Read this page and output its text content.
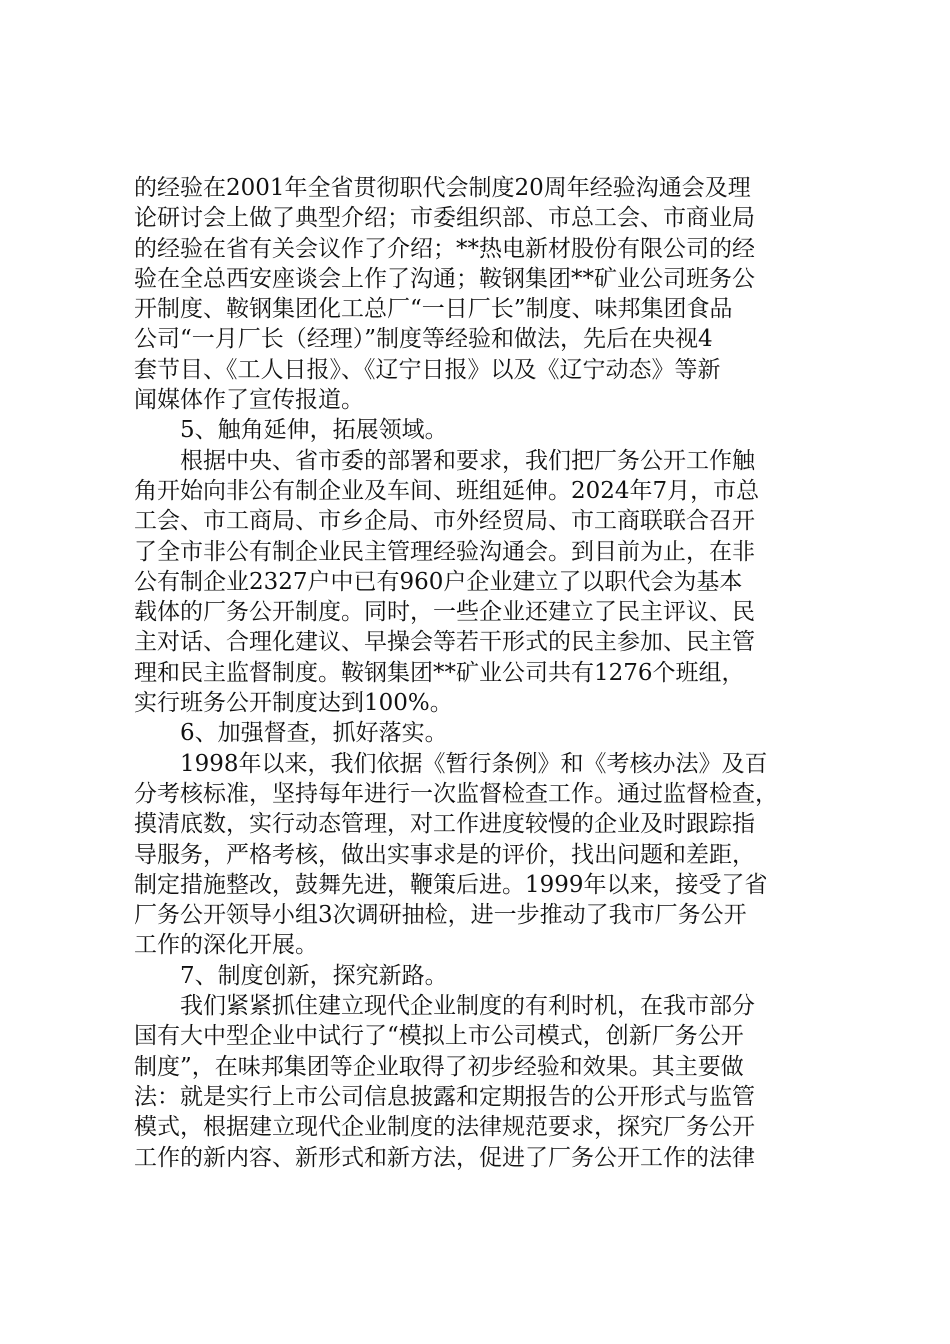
的经验在2001年全省贯彻职代会制度20周年经验沟通会及理
论研讨会上做了典型介绍；市委组织部、市总工会、市商业局
的经验在省有关会议作了介绍；**热电新材股份有限公司的经
验在全总西安座谈会上作了沟通；鞍钢集团**矿业公司班务公
开制度、鞍钢集团化工总厂“一日厂长”制度、味邦集团食品
公司“一月厂长（经理）”制度等经验和做法，先后在央视4
套节目、《工人日报》、《辽宁日报》以及《辽宁动态》等新
闻媒体作了宣传报道。

5、触角延伸，拓展领域。

根据中央、省市委的部署和要求，我们把厂务公开工作触
角开始向非公有制企业及车间、班组延伸。2024年7月，市总
工会、市工商局、市乡企局、市外经贸局、市工商联联合召开
了全市非公有制企业民主管理经验沟通会。到目前为止，在非
公有制企业2327户中已有960户企业建立了以职代会为基本
载体的厂务公开制度。同时，一些企业还建立了民主评议、民
主对话、合理化建议、早操会等若干形式的民主参加、民主管
理和民主监督制度。鞍钢集团**矿业公司共有1276个班组，
实行班务公开制度达到100%。

6、加强督查，抓好落实。

1998年以来，我们依据《暂行条例》和《考核办法》及百
分考核标准，坚持每年进行一次监督检查工作。通过监督检查，
摸清底数，实行动态管理，对工作进度较慢的企业及时跟踪指
导服务，严格考核，做出实事求是的评价，找出问题和差距，
制定措施整改，鼓舞先进，鞭策后进。1999年以来，接受了省
厂务公开领导小组3次调研抽检，进一步推动了我市厂务公开
工作的深化开展。

7、制度创新，探究新路。

我们紧紧抓住建立现代企业制度的有利时机，在我市部分
国有大中型企业中试行了“模拟上市公司模式，创新厂务公开
制度”，在味邦集团等企业取得了初步经验和效果。其主要做
法：就是实行上市公司信息披露和定期报告的公开形式与监管
模式，根据建立现代企业制度的法律规范要求，探究厂务公开
工作的新内容、新形式和新方法，促进了厂务公开工作的法律
